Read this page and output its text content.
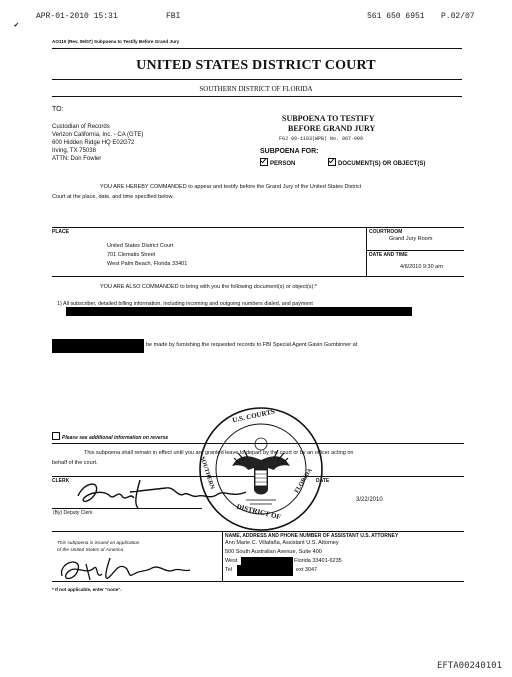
✔
APR-01-2010 15:31	FBI	561 650 6951 P.02/07
AO110 (Rev. 06/07) Subpoena to Testify Before Grand Jury
UNITED STATES DISTRICT COURT
SOUTHERN DISTRICT OF FLORIDA
TO:
Custodian of Records
Verizon California, Inc. - CA (GTE)
600 Hidden Ridge HQ E02G72
Irving, TX 75038
ATTN: Don Fowler
SUBPOENA TO TESTIFY
BEFORE GRAND JURY
FGJ 08-1103(WPB) No. 067-009
SUBPOENA FOR:
PERSON	DOCUMENT(S) OR OBJECT(S)
YOU ARE HEREBY COMMANDED to appear and testify before the Grand Jury of the United States District
Court at the place, date, and time specified below.
PLACE
United States District Court
701 Clematis Street
West Palm Beach, Florida 33401
COURTROOM
Grand Jury Room
DATE AND TIME
4/6/2010 9:30 am
YOU ARE ALSO COMMANDED to bring with you the following document(s) or object(s):*
1) All subscriber, detailed billing information, including incoming and outgoing numbers dialed, and payment
be made by furnishing the requested records to FBI Special Agent Gavin Gumbinner at
Please see additional information on reverse
This subpoena shall remain in effect until you are granted leave to depart by the court or by an officer acting on
behalf of the court.
CLERK	DATE
3/22/2010
(By) Deputy Clerk
U.S. COURTS
SOUTHERN
DISTRICT OF
FLORIDA
This subpoena is issued on application
of the United States of America
NAME, ADDRESS AND PHONE NUMBER OF ASSISTANT U.S. ATTORNEY
Ann Marie C. Villafaña, Assistant U.S. Attorney
500 South Australian Avenue, Suite 400
West	Florida 33401-6235
Tel	ext 3047
* If not applicable, enter "none".
EFTA00240101
